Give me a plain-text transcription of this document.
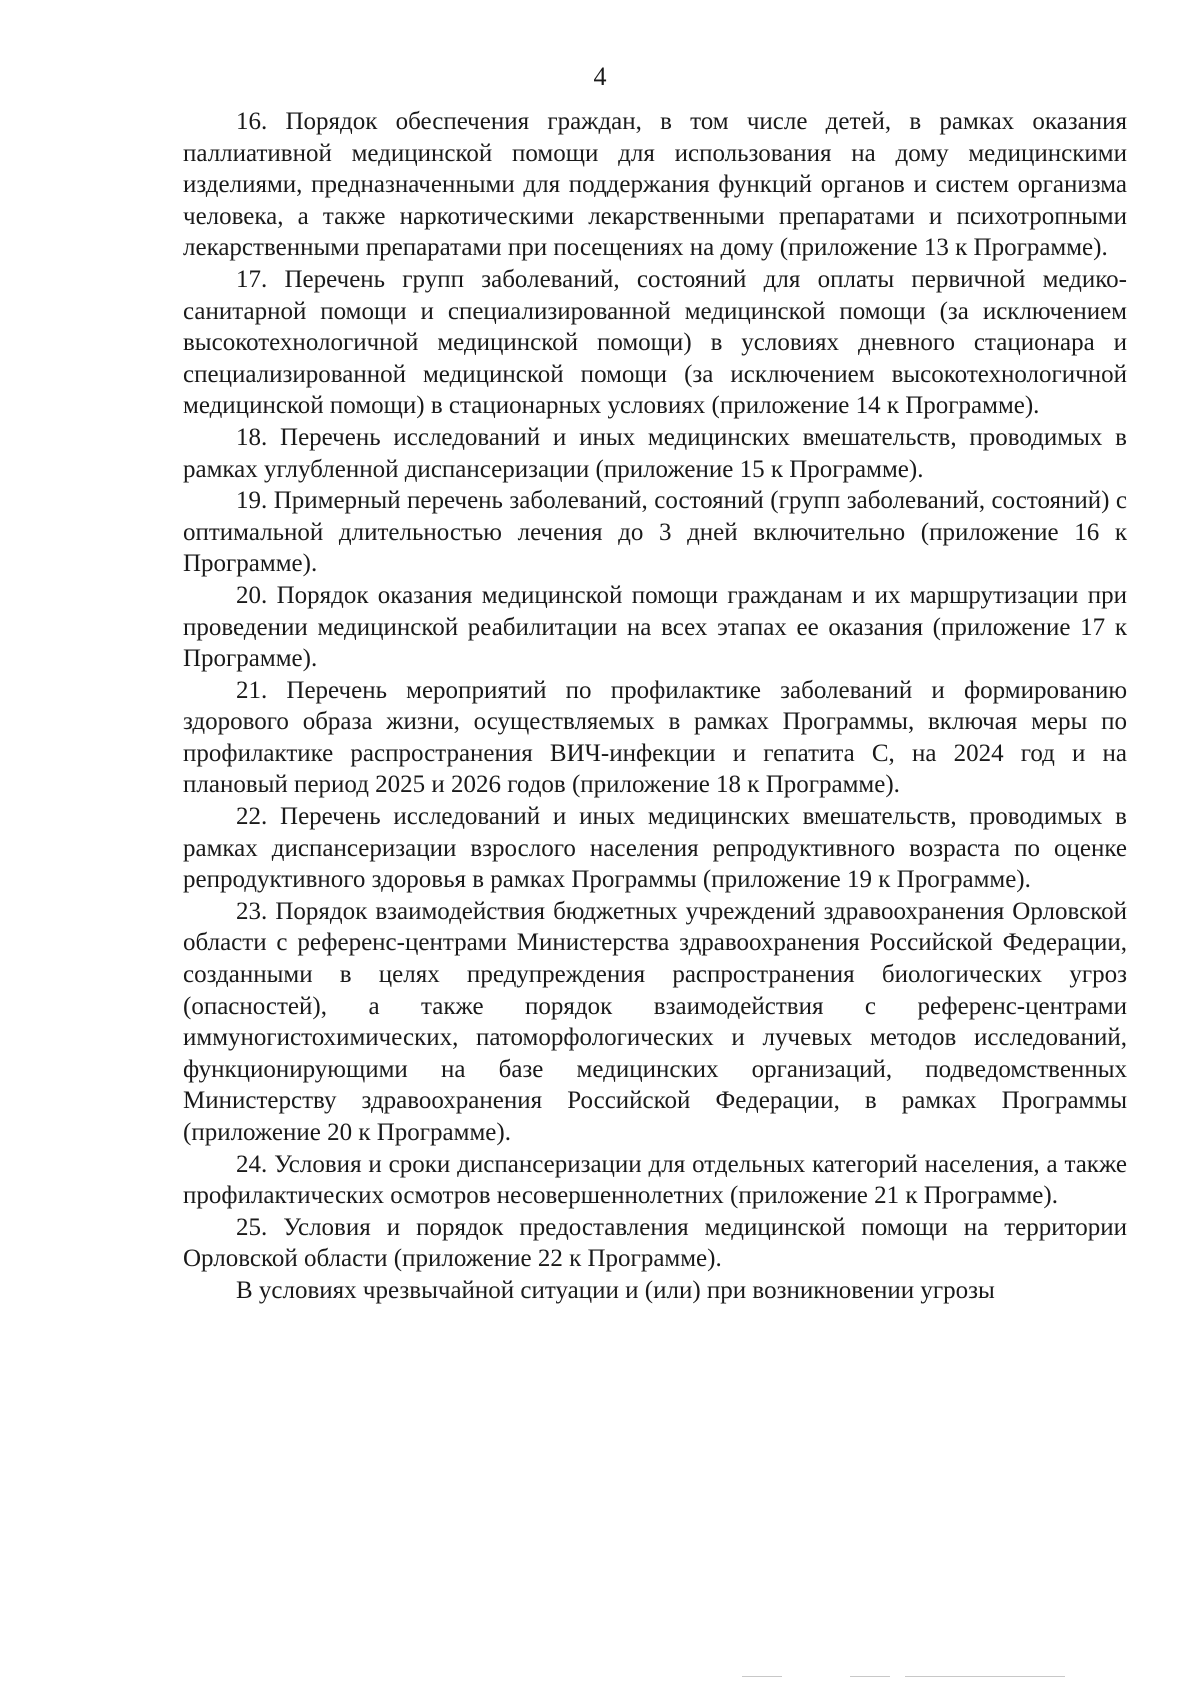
4

16. Порядок обеспечения граждан, в том числе детей, в рамках оказания паллиативной медицинской помощи для использования на дому медицинскими изделиями, предназначенными для поддержания функций органов и систем организма человека, а также наркотическими лекарственными препаратами и психотропными лекарственными препаратами при посещениях на дому (приложение 13 к Программе).

17. Перечень групп заболеваний, состояний для оплаты первичной медико-санитарной помощи и специализированной медицинской помощи (за исключением высокотехнологичной медицинской помощи) в условиях дневного стационара и специализированной медицинской помощи (за исключением высокотехнологичной медицинской помощи) в стационарных условиях (приложение 14 к Программе).

18. Перечень исследований и иных медицинских вмешательств, проводимых в рамках углубленной диспансеризации (приложение 15 к Программе).

19. Примерный перечень заболеваний, состояний (групп заболеваний, состояний) с оптимальной длительностью лечения до 3 дней включительно (приложение 16 к Программе).

20. Порядок оказания медицинской помощи гражданам и их маршрутизации при проведении медицинской реабилитации на всех этапах ее оказания (приложение 17 к Программе).

21. Перечень мероприятий по профилактике заболеваний и формированию здорового образа жизни, осуществляемых в рамках Программы, включая меры по профилактике распространения ВИЧ-инфекции и гепатита С, на 2024 год и на плановый период 2025 и 2026 годов (приложение 18 к Программе).

22. Перечень исследований и иных медицинских вмешательств, проводимых в рамках диспансеризации взрослого населения репродуктивного возраста по оценке репродуктивного здоровья в рамках Программы (приложение 19 к Программе).

23. Порядок взаимодействия бюджетных учреждений здравоохранения Орловской области с референс-центрами Министерства здравоохранения Российской Федерации, созданными в целях предупреждения распространения биологических угроз (опасностей), а также порядок взаимодействия с референс-центрами иммуногистохимических, патоморфологических и лучевых методов исследований, функционирующими на базе медицинских организаций, подведомственных Министерству здравоохранения Российской Федерации, в рамках Программы (приложение 20 к Программе).

24. Условия и сроки диспансеризации для отдельных категорий населения, а также профилактических осмотров несовершеннолетних (приложение 21 к Программе).

25. Условия и порядок предоставления медицинской помощи на территории Орловской области (приложение 22 к Программе).

В условиях чрезвычайной ситуации и (или) при возникновении угрозы
